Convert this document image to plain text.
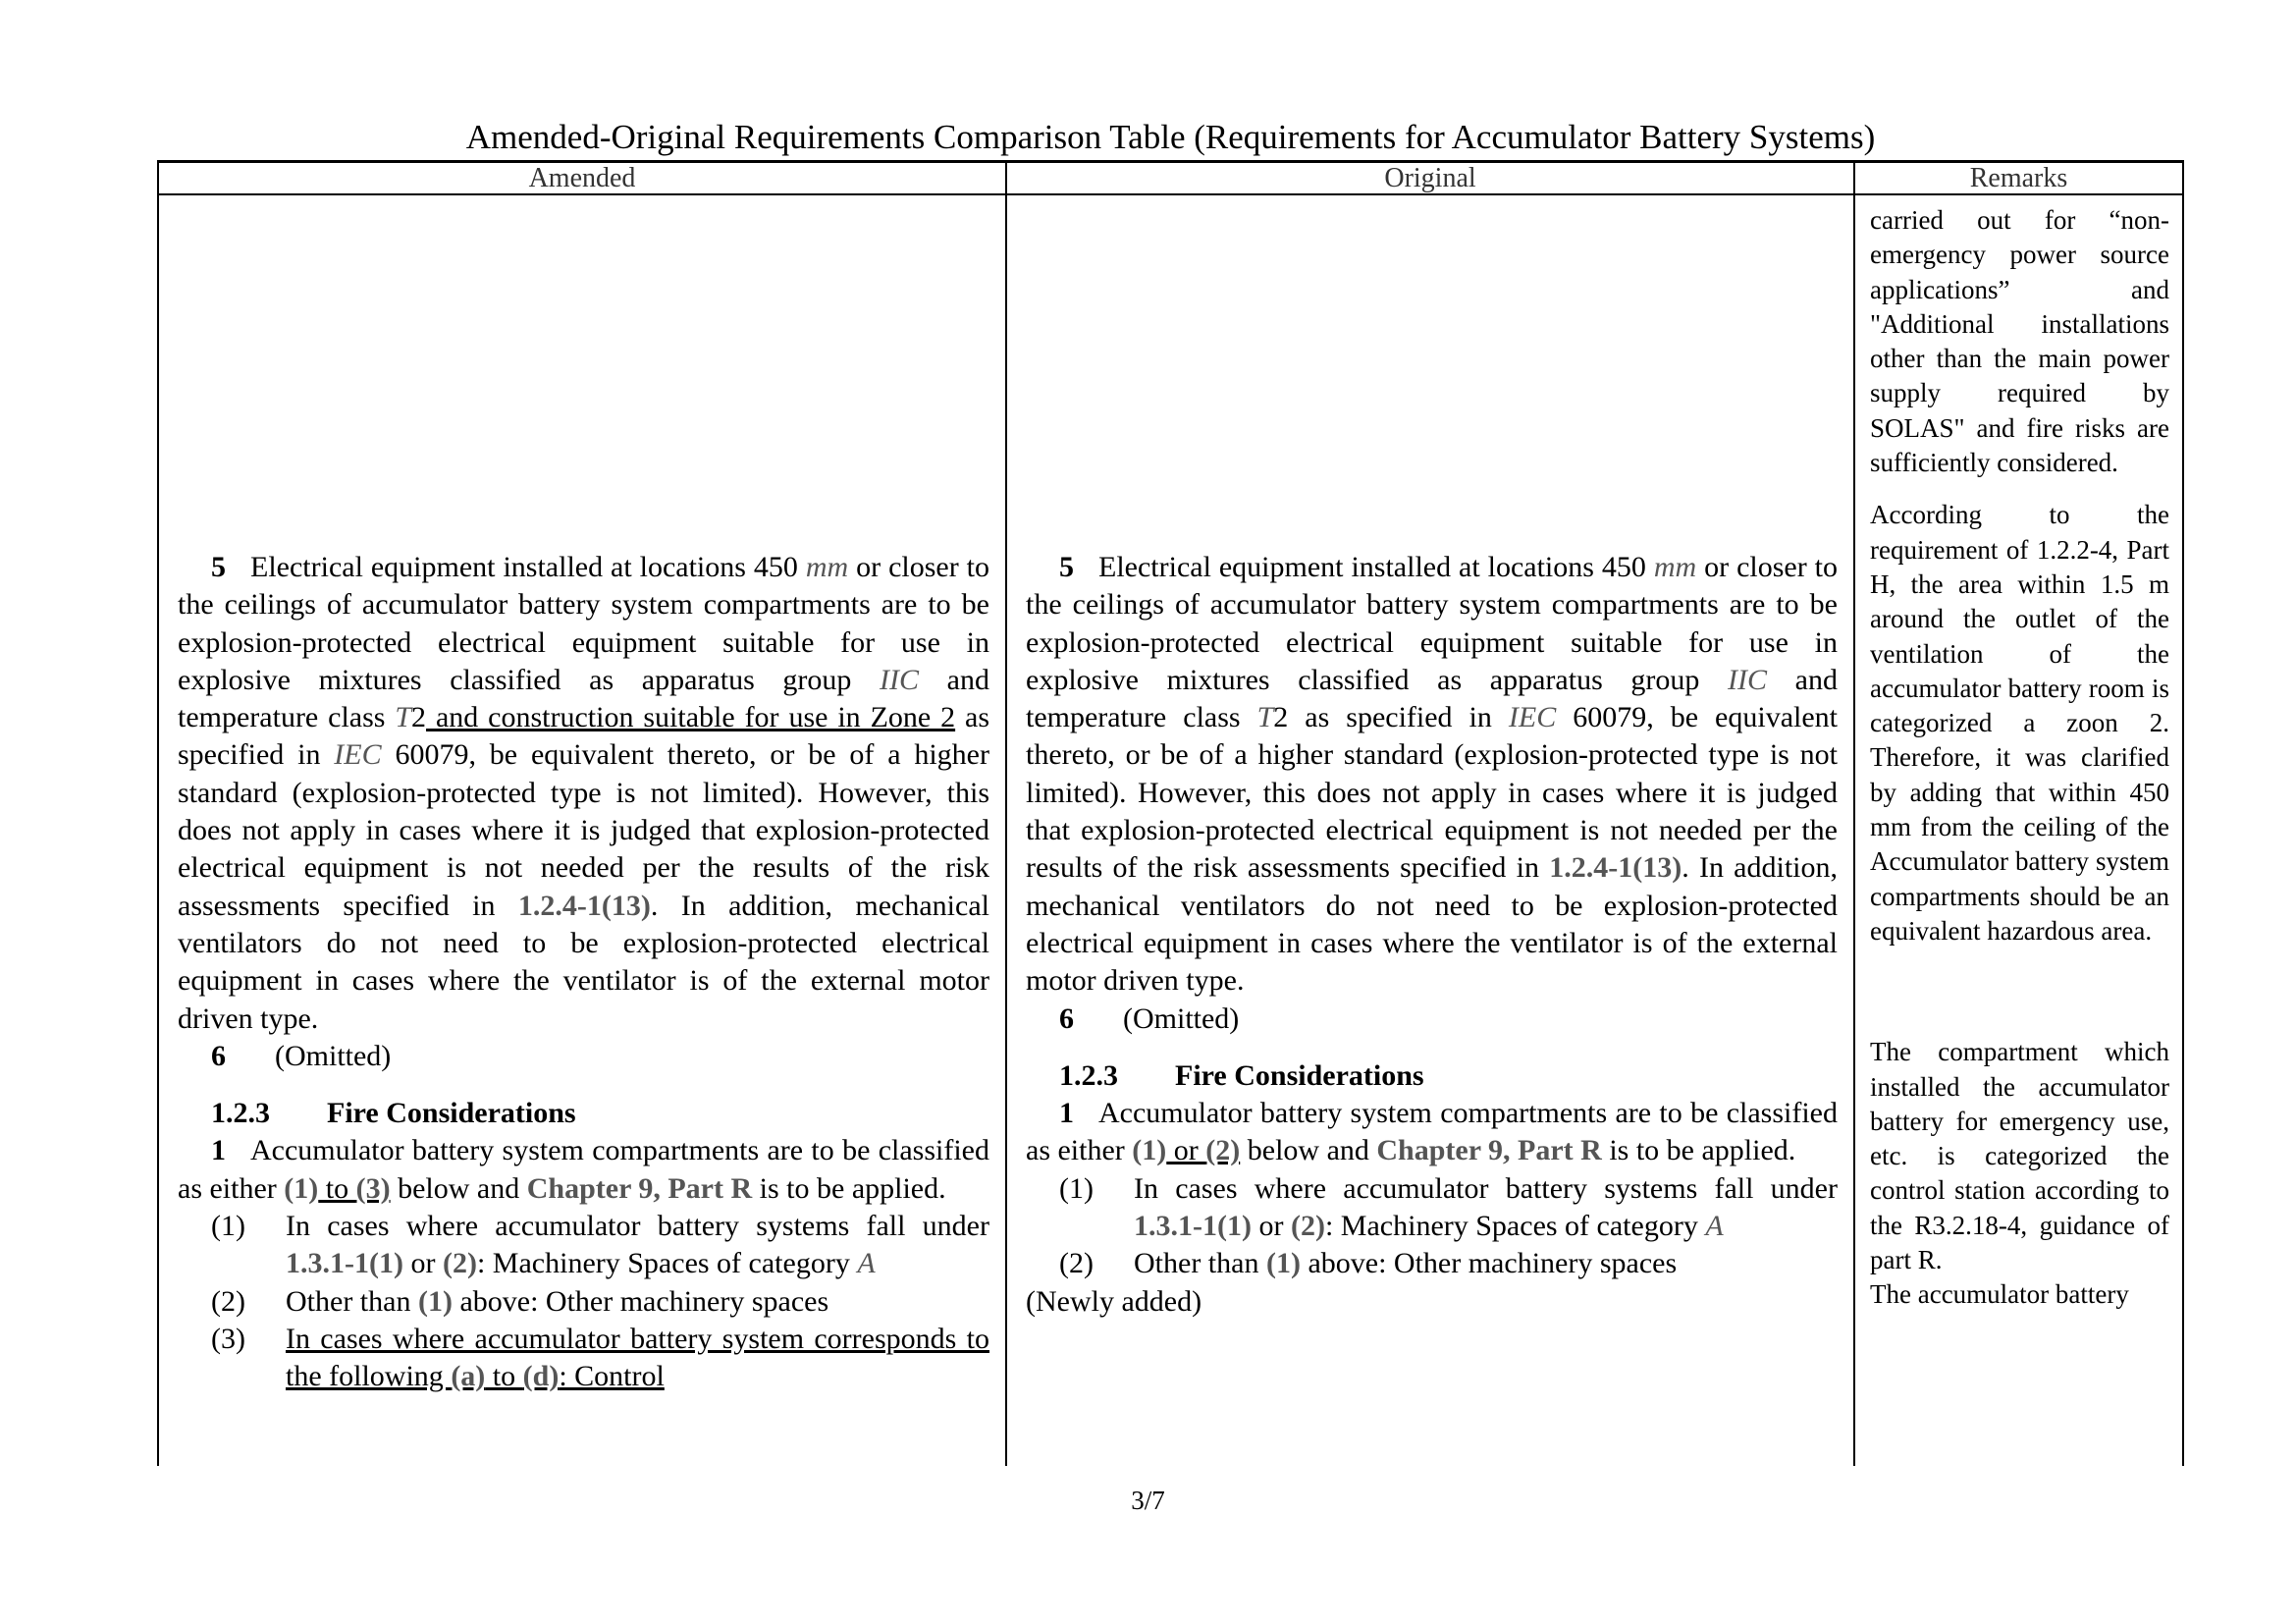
Amended-Original Requirements Comparison Table (Requirements for Accumulator Battery Systems)
Amended	Original	Remarks

5 Electrical equipment installed at locations 450 mm or closer to the ceilings of accumulator battery system compartments are to be explosion-protected electrical equipment suitable for use in explosive mixtures classified as apparatus group IIC and temperature class T2 and construction suitable for use in Zone 2 as specified in IEC 60079, be equivalent thereto, or be of a higher standard (explosion-protected type is not limited). However, this does not apply in cases where it is judged that explosion-protected electrical equipment is not needed per the results of the risk assessments specified in 1.2.4-1(13). In addition, mechanical ventilators do not need to be explosion-protected electrical equipment in cases where the ventilator is of the external motor driven type.

6 (Omitted)

1.2.3 Fire Considerations

1 Accumulator battery system compartments are to be classified as either (1) to (3) below and Chapter 9, Part R is to be applied.

(1) In cases where accumulator battery systems fall under 1.3.1-1(1) or (2): Machinery Spaces of category A

(2) Other than (1) above: Other machinery spaces

(3) In cases where accumulator battery system corresponds to the following (a) to (d): Control

5 Electrical equipment installed at locations 450 mm or closer to the ceilings of accumulator battery system compartments are to be explosion-protected electrical equipment suitable for use in explosive mixtures classified as apparatus group IIC and temperature class T2 as specified in IEC 60079, be equivalent thereto, or be of a higher standard (explosion-protected type is not limited). However, this does not apply in cases where it is judged that explosion-protected electrical equipment is not needed per the results of the risk assessments specified in 1.2.4-1(13). In addition, mechanical ventilators do not need to be explosion-protected electrical equipment in cases where the ventilator is of the external motor driven type.

6 (Omitted)

1.2.3 Fire Considerations

1 Accumulator battery system compartments are to be classified as either (1) or (2) below and Chapter 9, Part R is to be applied.

(1) In cases where accumulator battery systems fall under 1.3.1-1(1) or (2): Machinery Spaces of category A

(2) Other than (1) above: Other machinery spaces

(Newly added)

carried out for “non-emergency power source applications” and "Additional installations other than the main power supply required by SOLAS" and fire risks are sufficiently considered.

According to the requirement of 1.2.2-4, Part H, the area within 1.5 m around the outlet of the ventilation of the accumulator battery room is categorized a zoon 2. Therefore, it was clarified by adding that within 450 mm from the ceiling of the Accumulator battery system compartments should be an equivalent hazardous area.

The compartment which installed the accumulator battery for emergency use, etc. is categorized the control station according to the R3.2.18-4, guidance of part R.

The accumulator battery

3/7
